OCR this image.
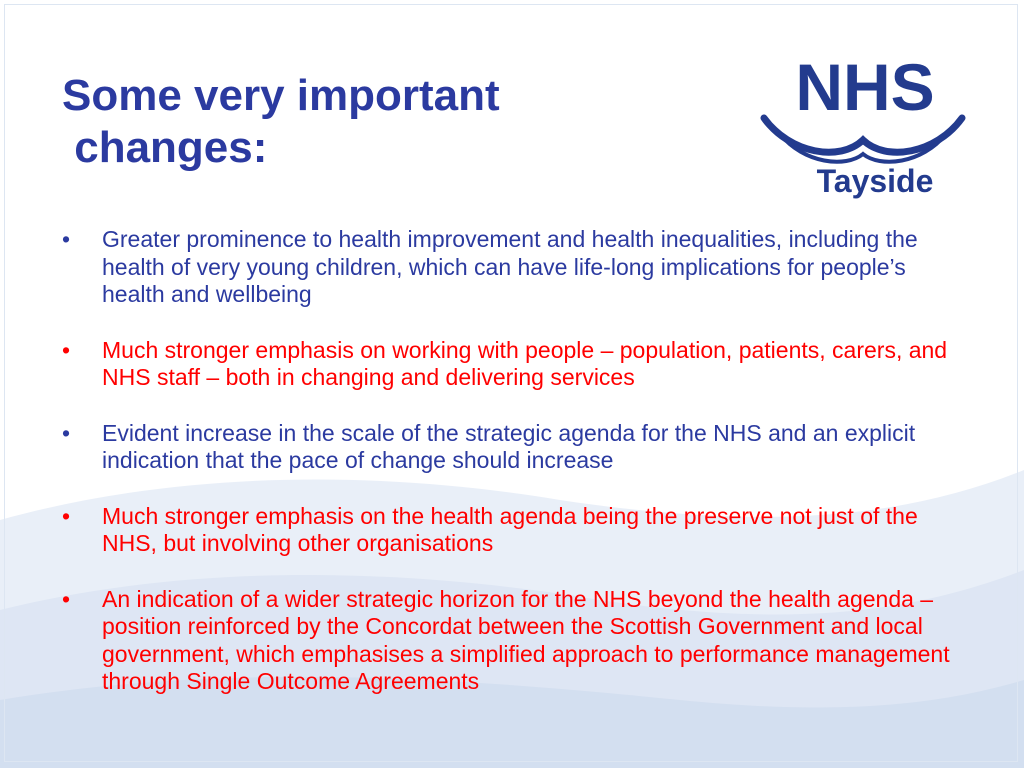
Some very important
changes:
NHS
Tayside
• Greater prominence to health improvement and health inequalities, including the health of very young children, which can have life-long implications for people’s health and wellbeing
• Much stronger emphasis on working with people – population, patients, carers, and NHS staff – both in changing and delivering services
• Evident increase in the scale of the strategic agenda for the NHS and an explicit indication that the pace of change should increase
• Much stronger emphasis on the health agenda being the preserve not just of the NHS, but involving other organisations
• An indication of a wider strategic horizon for the NHS beyond the health agenda – position reinforced by the Concordat between the Scottish Government and local government, which emphasises a simplified approach to performance management through Single Outcome Agreements
